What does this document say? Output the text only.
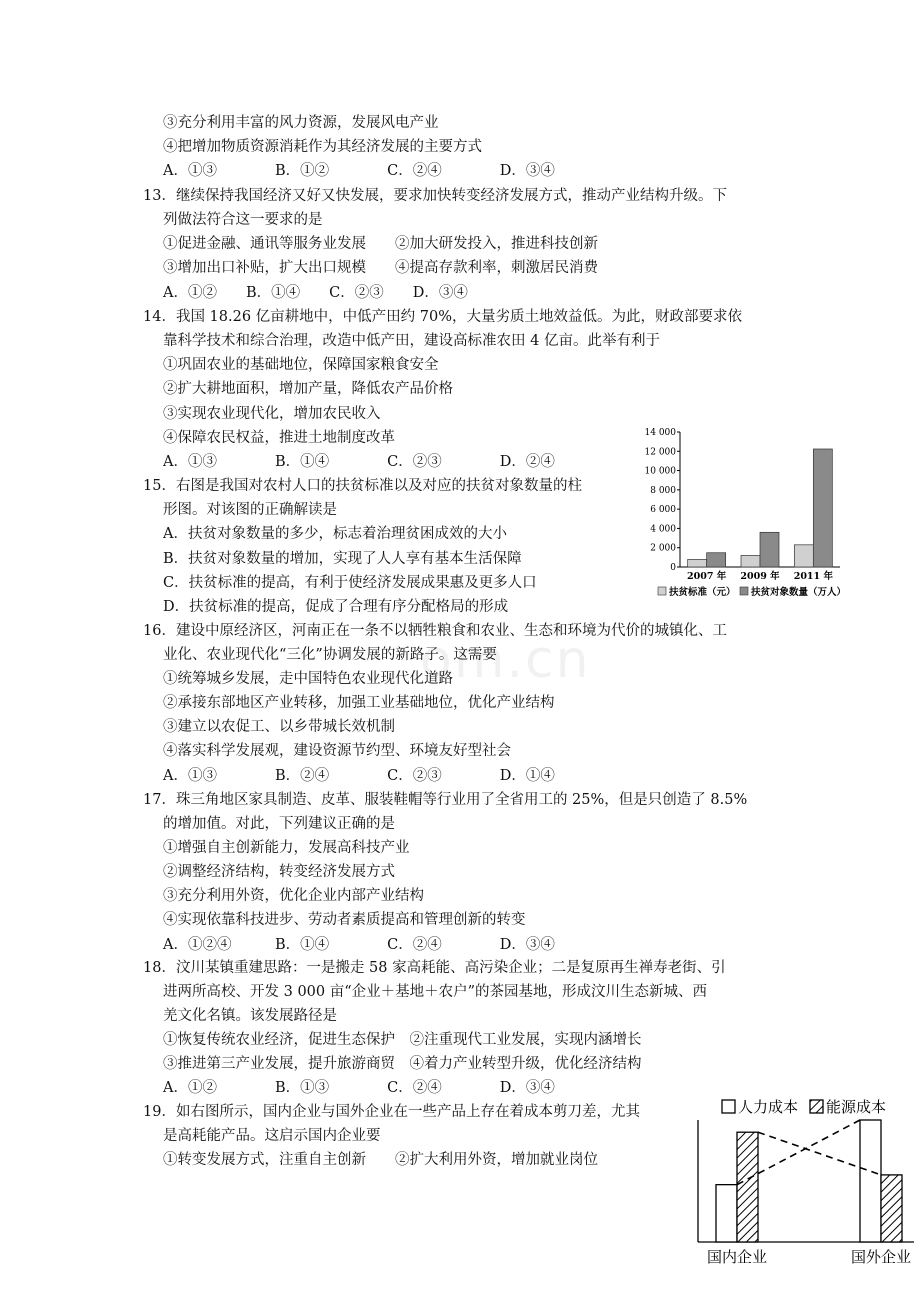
om.cn
③充分利用丰富的风力资源，发展风电产业
④把增加物质资源消耗作为其经济发展的主要方式
A．①③　　　　B．①②　　　　C．②④　　　　D．③④
13．继续保持我国经济又好又快发展，要求加快转变经济发展方式，推动产业结构升级。下
列做法符合这一要求的是
①促进金融、通讯等服务业发展　　②加大研发投入，推进科技创新
③增加出口补贴，扩大出口规模　　④提高存款利率，刺激居民消费
A．①②　　B．①④　　C．②③　　D．③④
14．我国 18.26 亿亩耕地中，中低产田约 70%，大量劣质土地效益低。为此，财政部要求依
靠科学技术和综合治理，改造中低产田，建设高标准农田 4 亿亩。此举有利于
①巩固农业的基础地位，保障国家粮食安全
②扩大耕地面积，增加产量，降低农产品价格
③实现农业现代化，增加农民收入
④保障农民权益，推进土地制度改革
A．①③　　　　B．①④　　　　C．②③　　　　D．②④
15．右图是我国对农村人口的扶贫标准以及对应的扶贫对象数量的柱
形图。对该图的正确解读是
A．扶贫对象数量的多少，标志着治理贫困成效的大小
B．扶贫对象数量的增加，实现了人人享有基本生活保障
C．扶贫标准的提高，有利于使经济发展成果惠及更多人口
D．扶贫标准的提高，促成了合理有序分配格局的形成
16．建设中原经济区，河南正在一条不以牺牲粮食和农业、生态和环境为代价的城镇化、工
业化、农业现代化“三化”协调发展的新路子。这需要
①统筹城乡发展，走中国特色农业现代化道路
②承接东部地区产业转移，加强工业基础地位，优化产业结构
③建立以农促工、以乡带城长效机制
④落实科学发展观，建设资源节约型、环境友好型社会
A．①③　　　　B．②④　　　　C．②③　　　　D．①④
17．珠三角地区家具制造、皮革、服装鞋帽等行业用了全省用工的 25%，但是只创造了 8.5%
的增加值。对此，下列建议正确的是
①增强自主创新能力，发展高科技产业
②调整经济结构，转变经济发展方式
③充分利用外资，优化企业内部产业结构
④实现依靠科技进步、劳动者素质提高和管理创新的转变
A．①②④　　　B．①④　　　　C．②④　　　　D．③④
18．汶川某镇重建思路：一是搬走 58 家高耗能、高污染企业；二是复原再生禅寿老街、引
进两所高校、开发 3 000 亩“企业＋基地＋农户”的茶园基地，形成汶川生态新城、西
羌文化名镇。该发展路径是
①恢复传统农业经济，促进生态保护　②注重现代工业发展，实现内涵增长
③推进第三产业发展，提升旅游商贸　④着力产业转型升级，优化经济结构
A．①②　　　　B．①③　　　　C．②④　　　　D．③④
19．如右图所示，国内企业与国外企业在一些产品上存在着成本剪刀差，尤其
是高耗能产品。这启示国内企业要
①转变发展方式，注重自主创新　　②扩大利用外资，增加就业岗位
14 000
12 000
10 000
8 000
6 000
4 000
2 000
0
2007 年 2009 年 2011 年
扶贫标准（元） 扶贫对象数量（万人）
人力成本 能源成本
国内企业	国外企业
